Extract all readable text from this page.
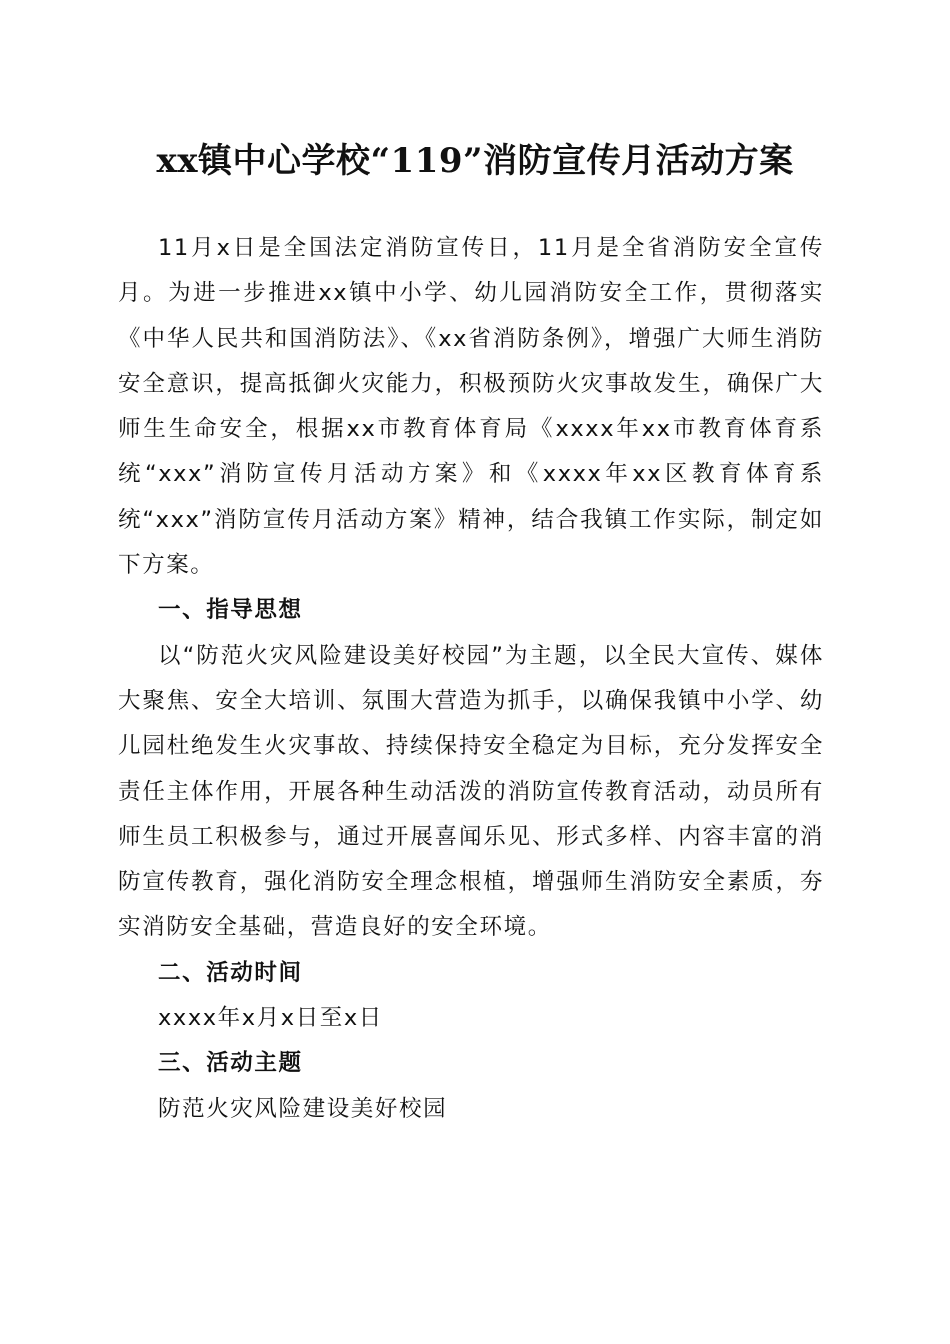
xx镇中心学校“119”消防宣传月活动方案

11月x日是全国法定消防宣传日，11月是全省消防安全宣传月。为进一步推进xx镇中小学、幼儿园消防安全工作，贯彻落实《中华人民共和国消防法》、《xx省消防条例》，增强广大师生消防安全意识，提高抵御火灾能力，积极预防火灾事故发生，确保广大师生生命安全，根据xx市教育体育局《xxxx年xx市教育体育系统“xxx”消防宣传月活动方案》和《xxxx年xx区教育体育系统“xxx”消防宣传月活动方案》精神，结合我镇工作实际，制定如下方案。

一、指导思想

以“防范火灾风险建设美好校园”为主题，以全民大宣传、媒体大聚焦、安全大培训、氛围大营造为抓手，以确保我镇中小学、幼儿园杜绝发生火灾事故、持续保持安全稳定为目标，充分发挥安全责任主体作用，开展各种生动活泼的消防宣传教育活动，动员所有师生员工积极参与，通过开展喜闻乐见、形式多样、内容丰富的消防宣传教育，强化消防安全理念根植，增强师生消防安全素质，夯实消防安全基础，营造良好的安全环境。

二、活动时间

xxxx年x月x日至x日

三、活动主题

防范火灾风险建设美好校园
